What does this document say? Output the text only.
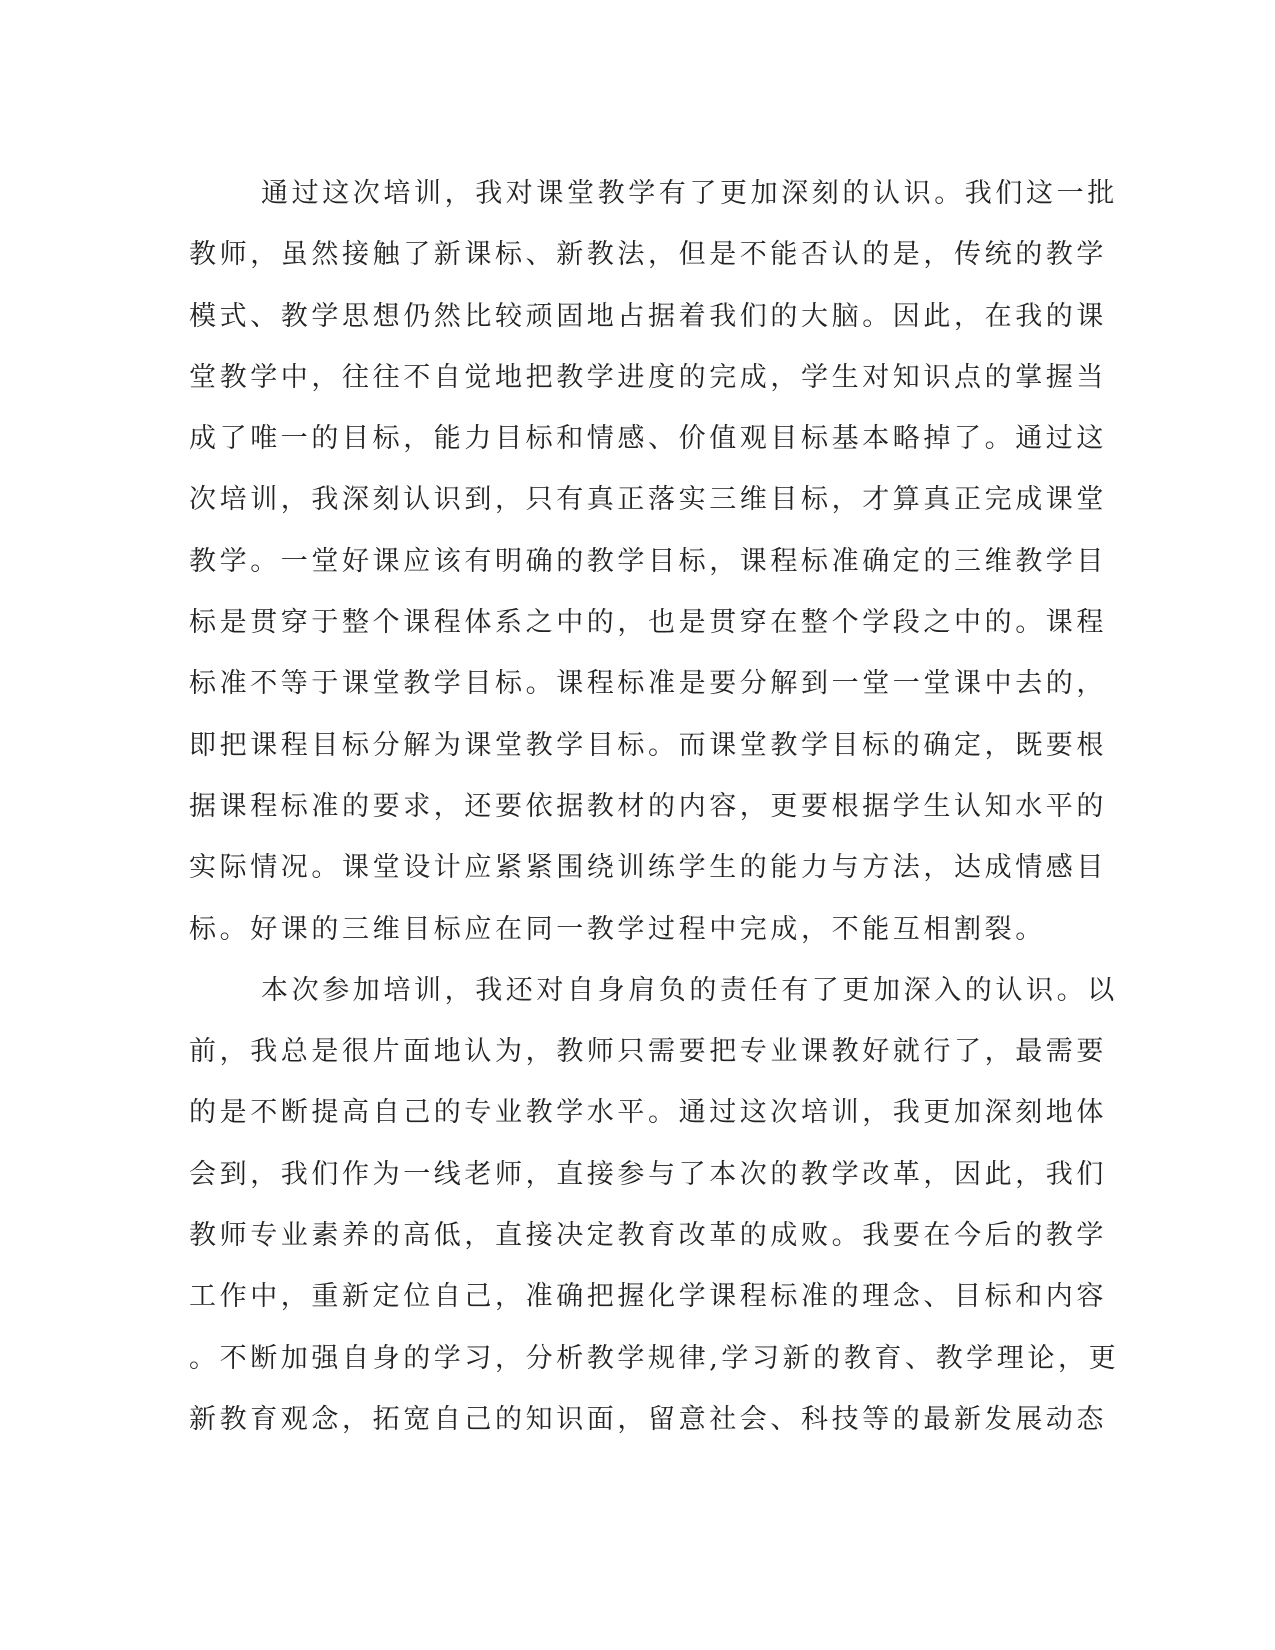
通过这次培训，我对课堂教学有了更加深刻的认识。我们这一批
教师，虽然接触了新课标、新教法，但是不能否认的是，传统的教学
模式、教学思想仍然比较顽固地占据着我们的大脑。因此，在我的课
堂教学中，往往不自觉地把教学进度的完成，学生对知识点的掌握当
成了唯一的目标，能力目标和情感、价值观目标基本略掉了。通过这
次培训，我深刻认识到，只有真正落实三维目标，才算真正完成课堂
教学。一堂好课应该有明确的教学目标，课程标准确定的三维教学目
标是贯穿于整个课程体系之中的，也是贯穿在整个学段之中的。课程
标准不等于课堂教学目标。课程标准是要分解到一堂一堂课中去的，
即把课程目标分解为课堂教学目标。而课堂教学目标的确定，既要根
据课程标准的要求，还要依据教材的内容，更要根据学生认知水平的
实际情况。课堂设计应紧紧围绕训练学生的能力与方法，达成情感目
标。好课的三维目标应在同一教学过程中完成，不能互相割裂。
本次参加培训，我还对自身肩负的责任有了更加深入的认识。以
前，我总是很片面地认为，教师只需要把专业课教好就行了，最需要
的是不断提高自己的专业教学水平。通过这次培训，我更加深刻地体
会到，我们作为一线老师，直接参与了本次的教学改革，因此，我们
教师专业素养的高低，直接决定教育改革的成败。我要在今后的教学
工作中，重新定位自己，准确把握化学课程标准的理念、目标和内容
。不断加强自身的学习，分析教学规律,学习新的教育、教学理论，更
新教育观念，拓宽自己的知识面，留意社会、科技等的最新发展动态
